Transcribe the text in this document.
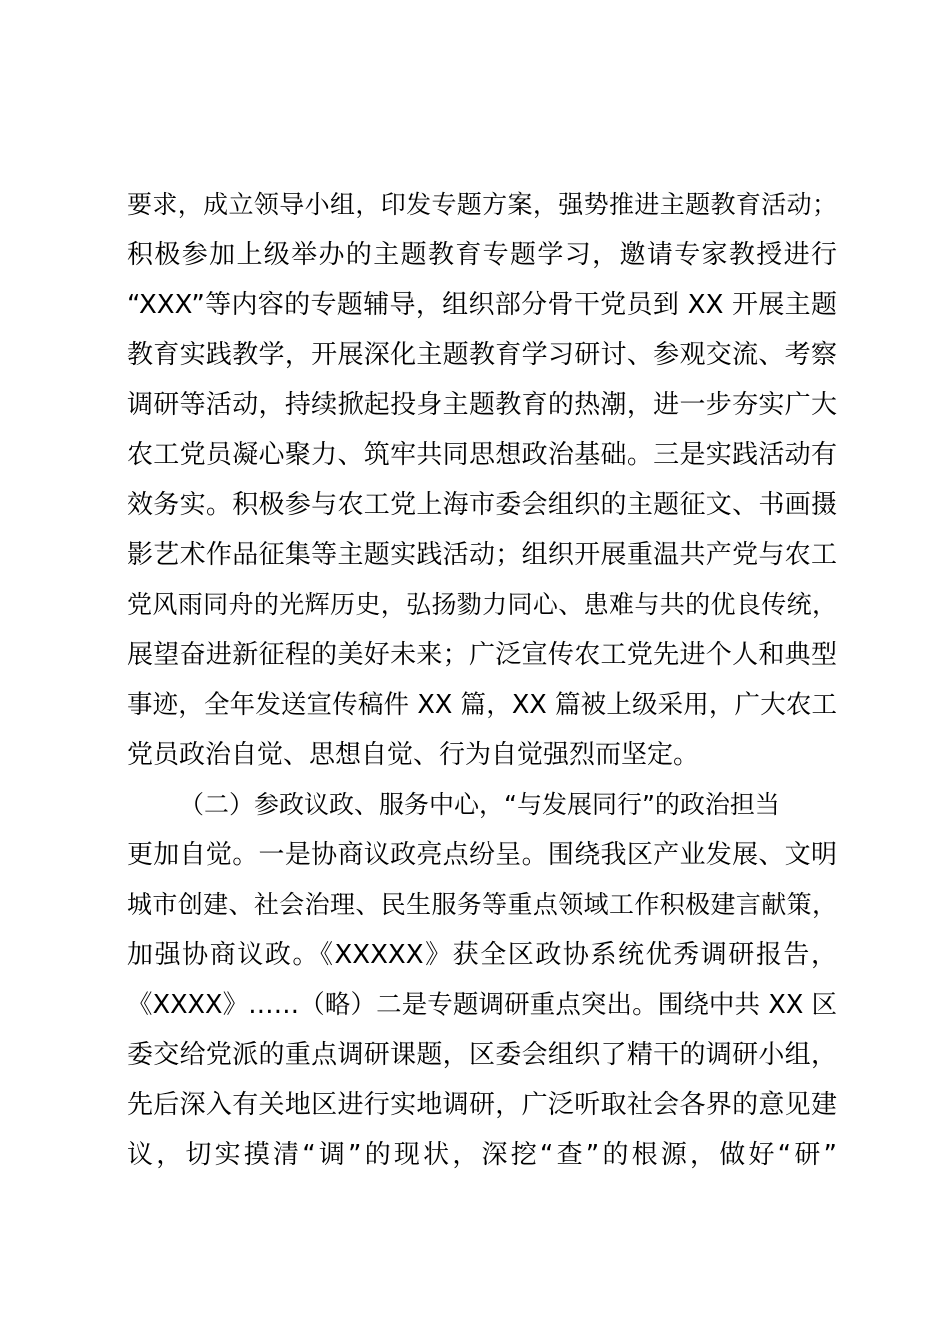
要求，成立领导小组，印发专题方案，强势推进主题教育活动；
积极参加上级举办的主题教育专题学习，邀请专家教授进行
“XXX”等内容的专题辅导，组织部分骨干党员到 XX 开展主题
教育实践教学，开展深化主题教育学习研讨、参观交流、考察
调研等活动，持续掀起投身主题教育的热潮，进一步夯实广大
农工党员凝心聚力、筑牢共同思想政治基础。三是实践活动有
效务实。积极参与农工党上海市委会组织的主题征文、书画摄
影艺术作品征集等主题实践活动；组织开展重温共产党与农工
党风雨同舟的光辉历史，弘扬勠力同心、患难与共的优良传统，
展望奋进新征程的美好未来；广泛宣传农工党先进个人和典型
事迹，全年发送宣传稿件 XX 篇，XX 篇被上级采用，广大农工
党员政治自觉、思想自觉、行为自觉强烈而坚定。
（二）参政议政、服务中心，“与发展同行”的政治担当
更加自觉。一是协商议政亮点纷呈。围绕我区产业发展、文明
城市创建、社会治理、民生服务等重点领域工作积极建言献策，
加强协商议政。《XXXXX》获全区政协系统优秀调研报告，
《XXXX》……（略）二是专题调研重点突出。围绕中共 XX 区
委交给党派的重点调研课题，区委会组织了精干的调研小组，
先后深入有关地区进行实地调研，广泛听取社会各界的意见建
议，切实摸清“调”的现状，深挖“查”的根源，做好“研”
